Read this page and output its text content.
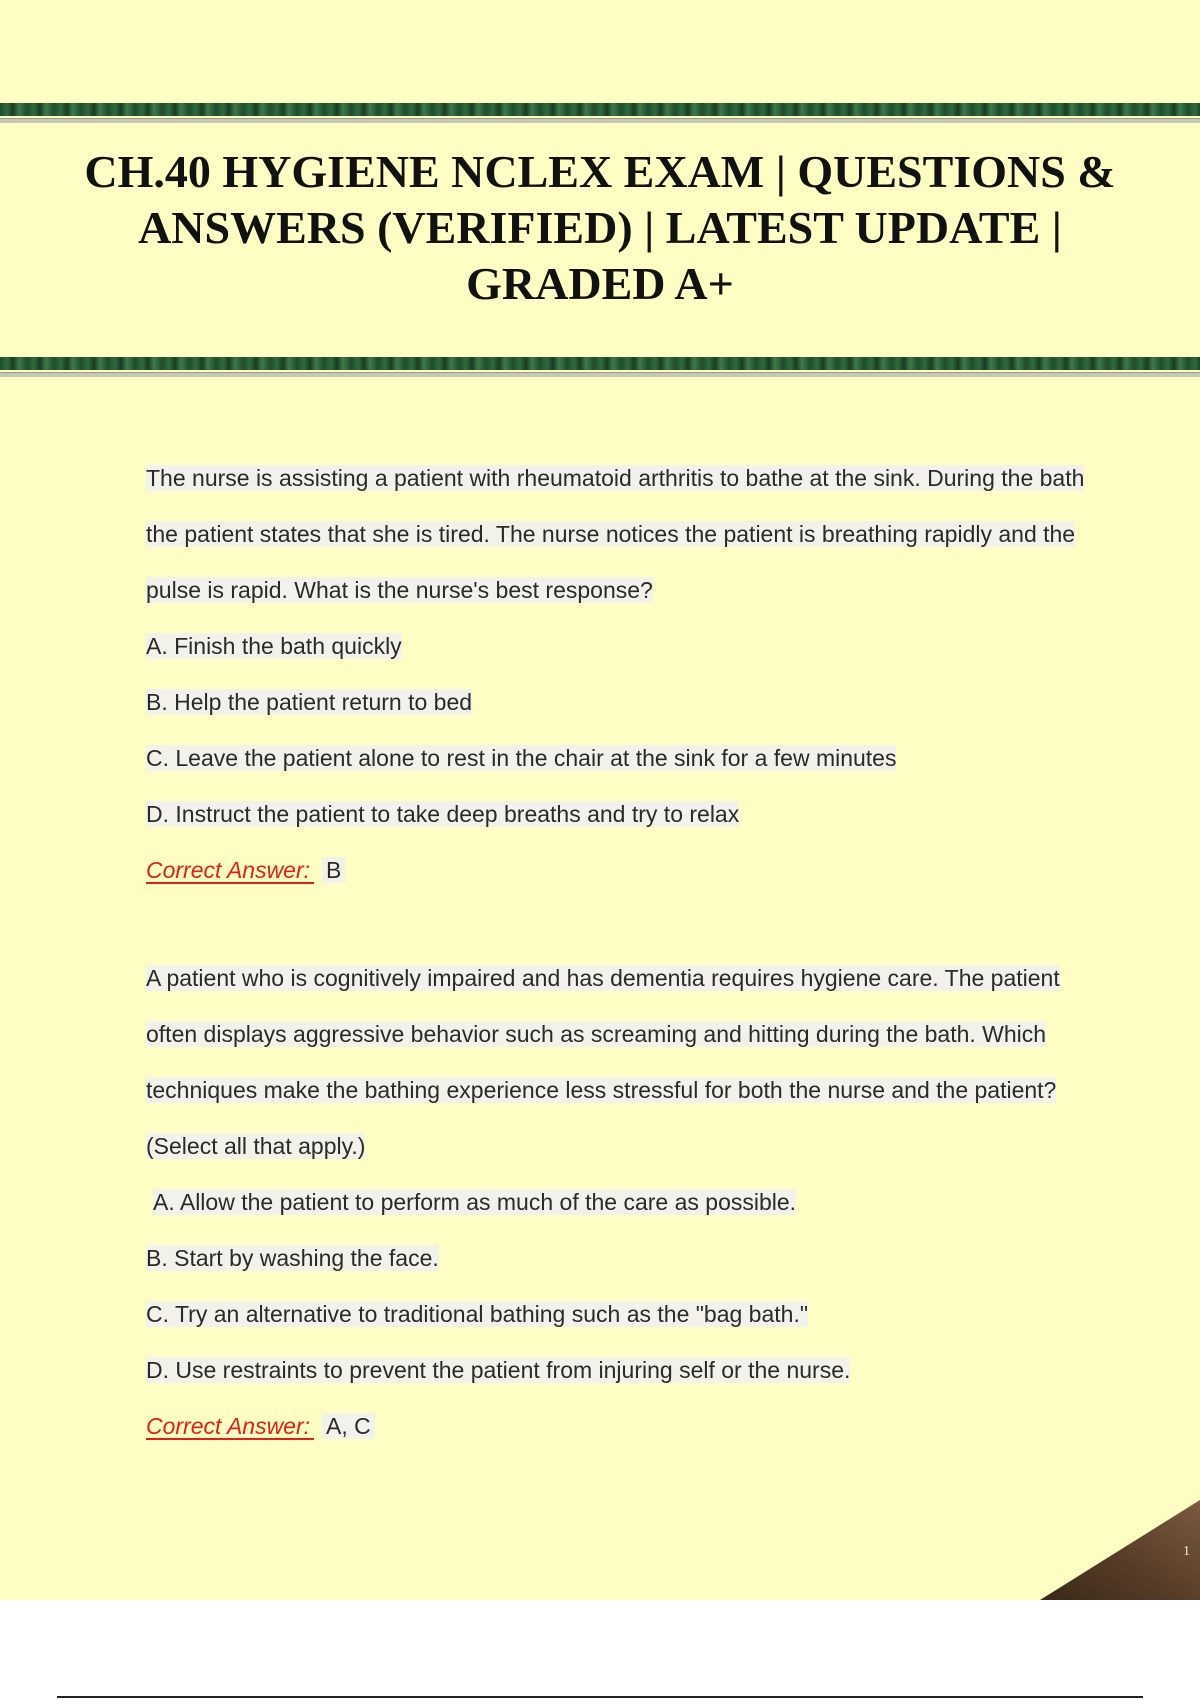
CH.40 HYGIENE NCLEX EXAM | QUESTIONS & ANSWERS (VERIFIED) | LATEST UPDATE | GRADED A+

The nurse is assisting a patient with rheumatoid arthritis to bathe at the sink. During the bath the patient states that she is tired. The nurse notices the patient is breathing rapidly and the pulse is rapid. What is the nurse's best response?

A. Finish the bath quickly
B. Help the patient return to bed
C. Leave the patient alone to rest in the chair at the sink for a few minutes
D. Instruct the patient to take deep breaths and try to relax

Correct Answer: B

A patient who is cognitively impaired and has dementia requires hygiene care. The patient often displays aggressive behavior such as screaming and hitting during the bath. Which techniques make the bathing experience less stressful for both the nurse and the patient? (Select all that apply.)

A. Allow the patient to perform as much of the care as possible.
B. Start by washing the face.
C. Try an alternative to traditional bathing such as the "bag bath."
D. Use restraints to prevent the patient from injuring self or the nurse.

Correct Answer: A, C

1
